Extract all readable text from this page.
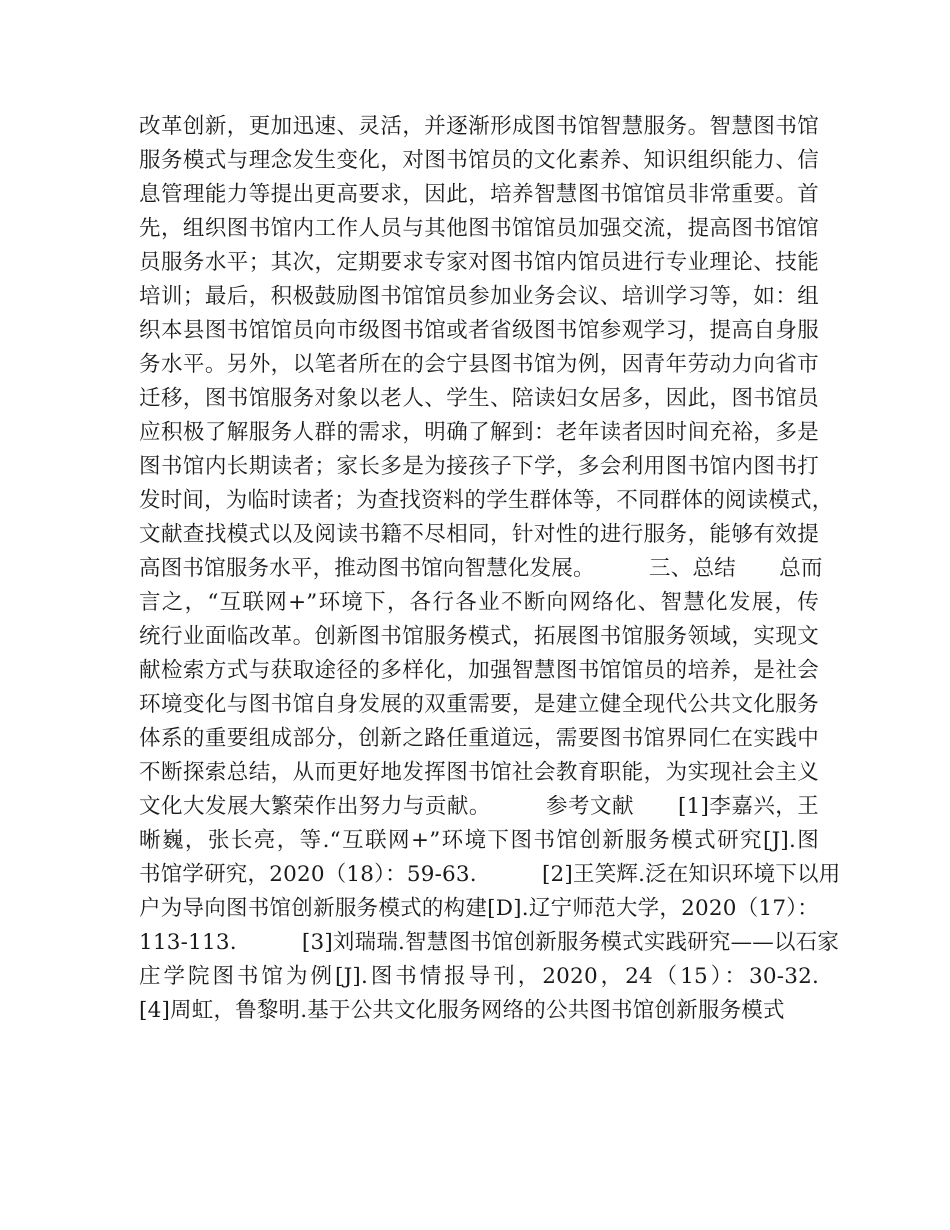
改革创新，更加迅速、灵活，并逐渐形成图书馆智慧服务。智慧图书馆
服务模式与理念发生变化，对图书馆员的文化素养、知识组织能力、信
息管理能力等提出更高要求，因此，培养智慧图书馆馆员非常重要。首
先，组织图书馆内工作人员与其他图书馆馆员加强交流，提高图书馆馆
员服务水平；其次，定期要求专家对图书馆内馆员进行专业理论、技能
培训；最后，积极鼓励图书馆馆员参加业务会议、培训学习等，如：组
织本县图书馆馆员向市级图书馆或者省级图书馆参观学习，提高自身服
务水平。另外，以笔者所在的会宁县图书馆为例，因青年劳动力向省市
迁移，图书馆服务对象以老人、学生、陪读妇女居多，因此，图书馆员
应积极了解服务人群的需求，明确了解到：老年读者因时间充裕，多是
图书馆内长期读者；家长多是为接孩子下学，多会利用图书馆内图书打
发时间，为临时读者；为查找资料的学生群体等，不同群体的阅读模式，
文献查找模式以及阅读书籍不尽相同，针对性的进行服务，能够有效提
高图书馆服务水平，推动图书馆向智慧化发展。　　　三、总结　　总而
言之，“互联网+”环境下，各行各业不断向网络化、智慧化发展，传
统行业面临改革。创新图书馆服务模式，拓展图书馆服务领域，实现文
献检索方式与获取途径的多样化，加强智慧图书馆馆员的培养，是社会
环境变化与图书馆自身发展的双重需要，是建立健全现代公共文化服务
体系的重要组成部分，创新之路任重道远，需要图书馆界同仁在实践中
不断探索总结，从而更好地发挥图书馆社会教育职能，为实现社会主义
文化大发展大繁荣作出努力与贡献。　　　参考文献　　[1]李嘉兴，王
晰巍，张长亮，等.“互联网+”环境下图书馆创新服务模式研究[J].图
书馆学研究，2020（18）：59-63.　　　[2]王笑辉.泛在知识环境下以用
户为导向图书馆创新服务模式的构建[D].辽宁师范大学，2020（17）：
113-113.　　　[3]刘瑞瑞.智慧图书馆创新服务模式实践研究——以石家
庄学院图书馆为例[J].图书情报导刊，2020，24（15）：30-32.
[4]周虹，鲁黎明.基于公共文化服务网络的公共图书馆创新服务模式
